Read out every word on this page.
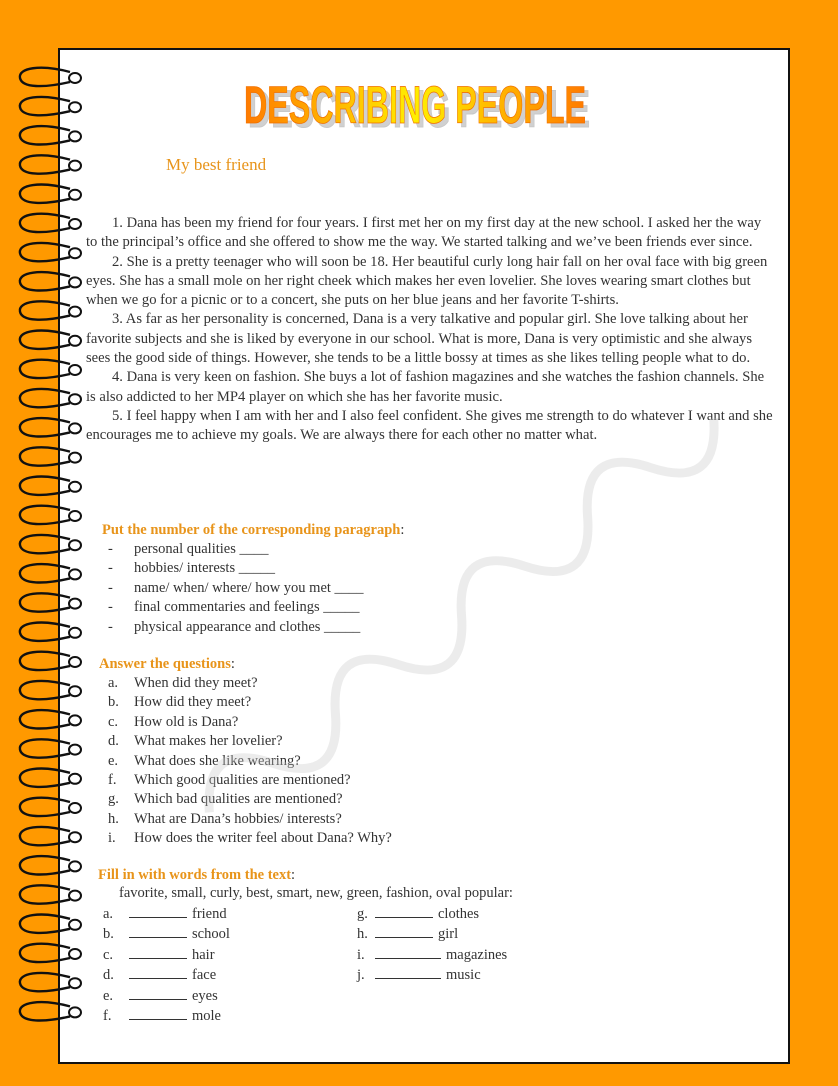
DESCRIBING PEOPLE
DESCRIBING PEOPLE
My best friend

1. Dana has been my friend for four years. I first met her on my first day at the new school. I asked her the way to the principal’s office and she offered to show me the way. We started talking and we’ve been friends ever since.

2. She is a pretty teenager who will soon be 18. Her beautiful curly long hair fall on her oval face with big green eyes. She has a small mole on her right cheek which makes her even lovelier. She loves wearing smart clothes but when we go for a picnic or to a concert, she puts on her blue jeans and her favorite T-shirts.

3. As far as her personality is concerned, Dana is a very talkative and popular girl. She love talking about her favorite subjects and she is liked by everyone in our school. What is more, Dana is very optimistic and she always sees the good side of things. However, she tends to be a little bossy at times as she likes telling people what to do.

4. Dana is very keen on fashion. She buys a lot of fashion magazines and she watches the fashion channels. She is also addicted to her MP4 player on which she has her favorite music.

5. I feel happy when I am with her and I also feel confident. She gives me strength to do whatever I want and she encourages me to achieve my goals. We are always there for each other no matter what.

Put the number of the corresponding paragraph:
-	personal qualities ____
-	hobbies/ interests _____
-	name/ when/ where/ how you met ____
-	final commentaries and feelings _____
-	physical appearance and clothes _____
Answer the questions:
a.	When did they meet?
b.	How did they meet?
c.	How old is Dana?
d.	What makes her lovelier?
e.	What does she like wearing?
f.	Which good qualities are mentioned?
g.	Which bad qualities are mentioned?
h.	What are Dana’s hobbies/ interests?
i.	How does the writer feel about Dana? Why?
Fill in with words from the text:
favorite, small, curly, best, smart, new, green, fashion, oval popular:
a.	friend
b.	school
c.	hair
d.	face
e.	eyes
f.	mole
g.	clothes
h.	girl
i.	magazines
j.	music
